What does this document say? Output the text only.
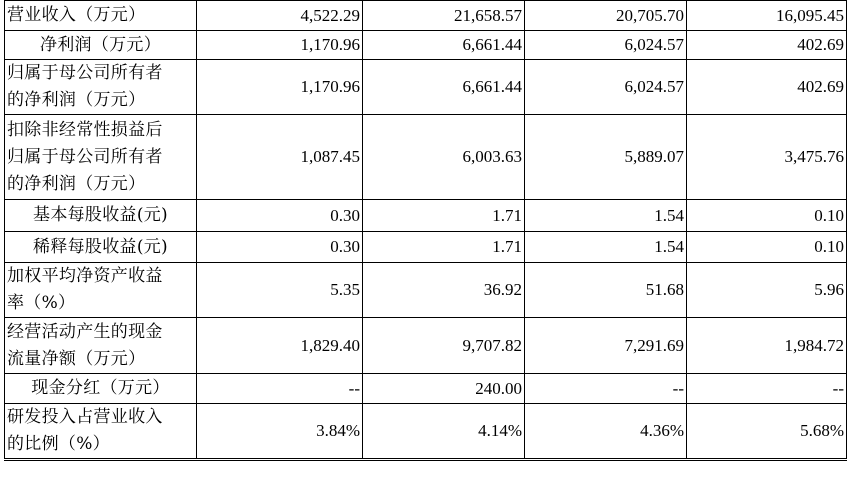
营业收入（万元）	4,522.29	21,658.57	20,705.70	16,095.45

净利润（万元）	1,170.96	6,661.44	6,024.57	402.69

归属于母公司所有者
的净利润（万元）	1,170.96	6,661.44	6,024.57	402.69

扣除非经常性损益后
归属于母公司所有者
的净利润（万元）	1,087.45	6,003.63	5,889.07	3,475.76

基本每股收益(元)	0.30	1.71	1.54	0.10

稀释每股收益(元)	0.30	1.71	1.54	0.10

加权平均净资产收益
率（%）	5.35	36.92	51.68	5.96

经营活动产生的现金
流量净额（万元）	1,829.40	9,707.82	7,291.69	1,984.72

现金分红（万元）	--	240.00	--	--

研发投入占营业收入
的比例（%）	3.84%	4.14%	4.36%	5.68%
